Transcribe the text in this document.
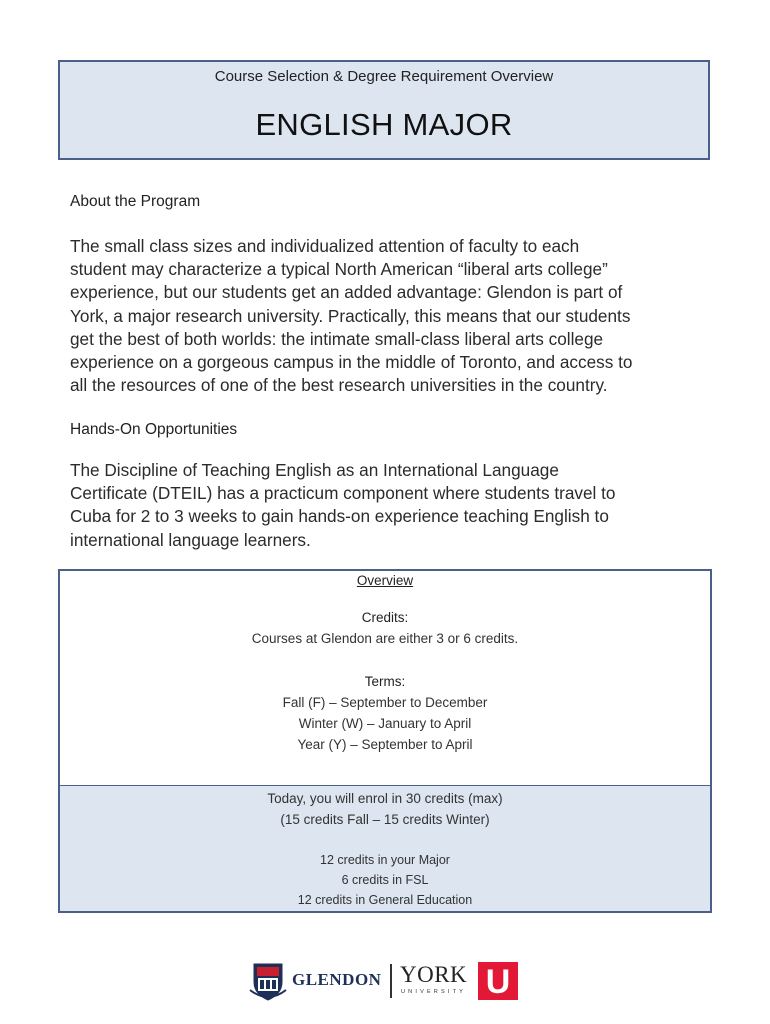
Course Selection & Degree Requirement Overview
ENGLISH MAJOR
About the Program
The small class sizes and individualized attention of faculty to each
student may characterize a typical North American “liberal arts college”
experience, but our students get an added advantage: Glendon is part of
York, a major research university. Practically, this means that our students
get the best of both worlds: the intimate small-class liberal arts college
experience on a gorgeous campus in the middle of Toronto, and access to
all the resources of one of the best research universities in the country.
Hands-On Opportunities
The Discipline of Teaching English as an International Language
Certificate (DTEIL) has a practicum component where students travel to
Cuba for 2 to 3 weeks to gain hands-on experience teaching English to
international language learners.
Overview
Credits:
Courses at Glendon are either 3 or 6 credits.
Terms:
Fall (F) – September to December
Winter (W) – January to April
Year (Y) – September to April
Today, you will enrol in 30 credits (max)
(15 credits Fall – 15 credits Winter)
12 credits in your Major
6 credits in FSL
12 credits in General Education
GLENDON YORK
UNIVERSITY U
